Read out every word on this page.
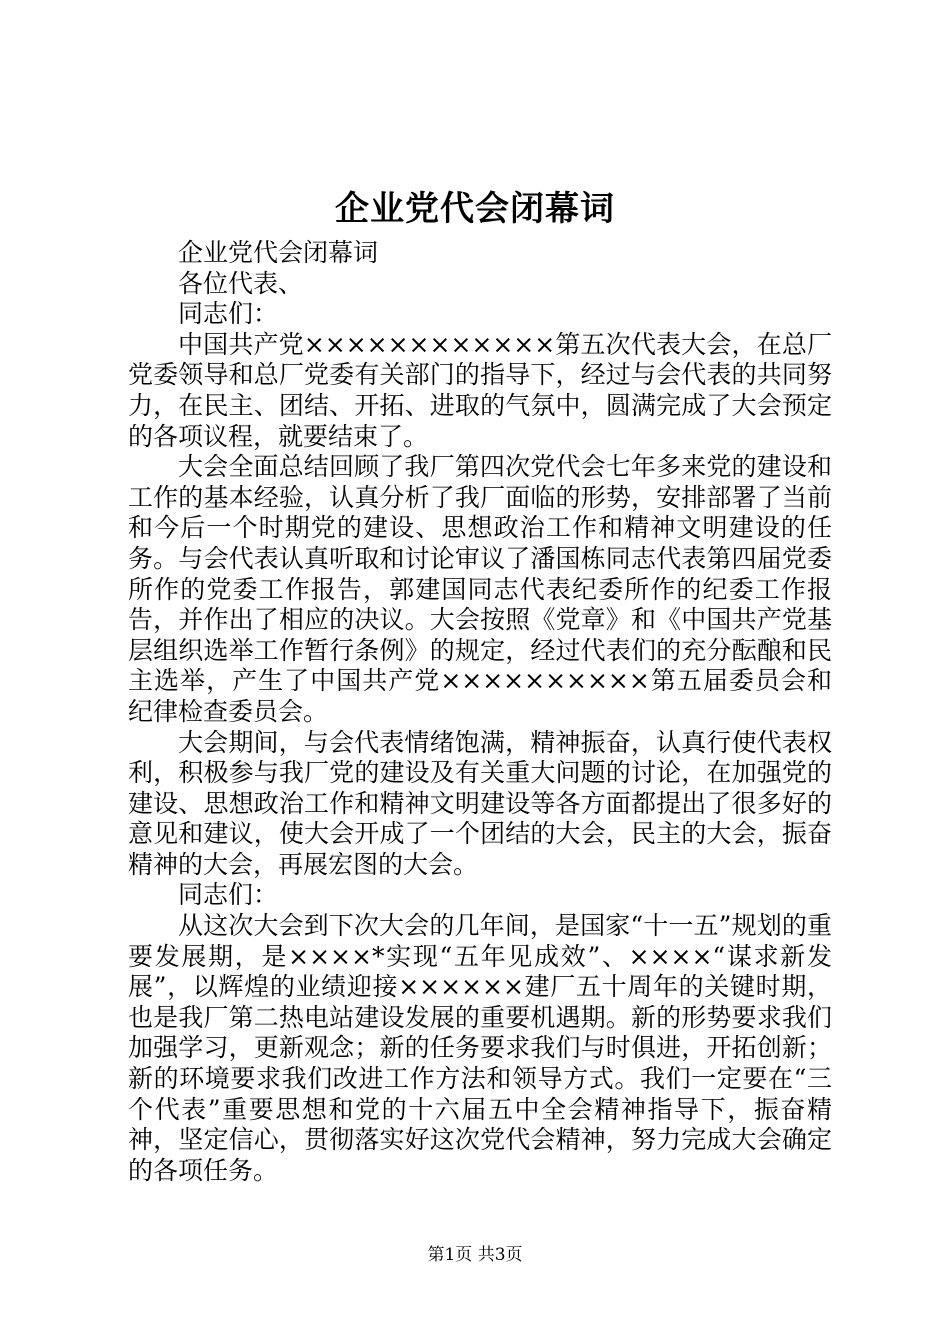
企业党代会闭幕词

企业党代会闭幕词

各位代表、

同志们：

中国共产党××××××××××××第五次代表大会，在总厂党委领导和总厂党委有关部门的指导下，经过与会代表的共同努力，在民主、团结、开拓、进取的气氛中，圆满完成了大会预定的各项议程，就要结束了。

大会全面总结回顾了我厂第四次党代会七年多来党的建设和工作的基本经验，认真分析了我厂面临的形势，安排部署了当前和今后一个时期党的建设、思想政治工作和精神文明建设的任务。与会代表认真听取和讨论审议了潘国栋同志代表第四届党委所作的党委工作报告，郭建国同志代表纪委所作的纪委工作报告，并作出了相应的决议。大会按照《党章》和《中国共产党基层组织选举工作暂行条例》的规定，经过代表们的充分酝酿和民主选举，产生了中国共产党××××××××××第五届委员会和纪律检查委员会。

大会期间，与会代表情绪饱满，精神振奋，认真行使代表权利，积极参与我厂党的建设及有关重大问题的讨论，在加强党的建设、思想政治工作和精神文明建设等各方面都提出了很多好的意见和建议，使大会开成了一个团结的大会，民主的大会，振奋精神的大会，再展宏图的大会。

同志们：

从这次大会到下次大会的几年间，是国家“十一五”规划的重要发展期，是××××*实现“五年见成效”、××××“谋求新发展”，以辉煌的业绩迎接××××××建厂五十周年的关键时期，也是我厂第二热电站建设发展的重要机遇期。新的形势要求我们加强学习，更新观念；新的任务要求我们与时俱进，开拓创新；新的环境要求我们改进工作方法和领导方式。我们一定要在“三个代表”重要思想和党的十六届五中全会精神指导下，振奋精神，坚定信心，贯彻落实好这次党代会精神，努力完成大会确定的各项任务。

第1页 共3页
